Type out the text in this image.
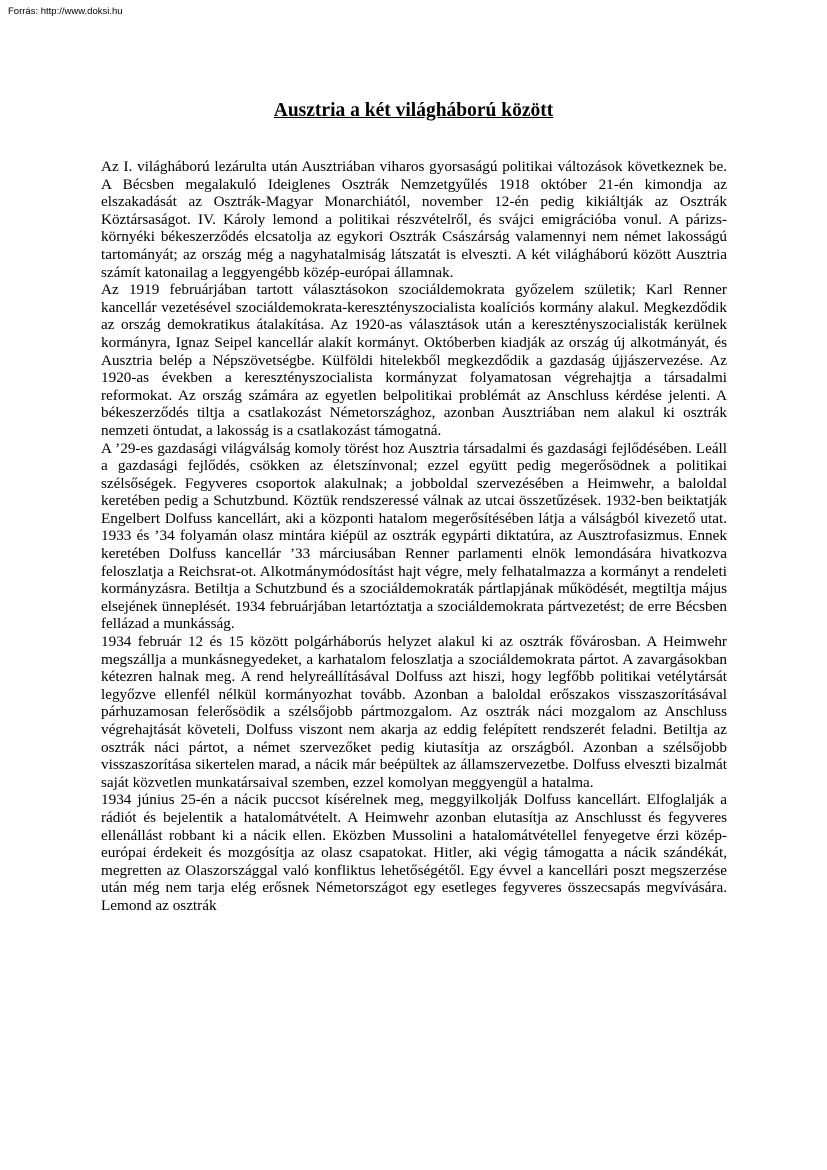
Forrás: http://www.doksi.hu
Ausztria a két világháború között

Az I. világháború lezárulta után Ausztriában viharos gyorsaságú politikai változások következnek be. A Bécsben megalakuló Ideiglenes Osztrák Nemzetgyűlés 1918 október 21-én kimondja az elszakadását az Osztrák-Magyar Monarchiától, november 12-én pedig kikiáltják az Osztrák Köztársaságot. IV. Károly lemond a politikai részvételről, és svájci emigrációba vonul. A párizs-környéki békeszerződés elcsatolja az egykori Osztrák Császárság valamennyi nem német lakosságú tartományát; az ország még a nagyhatalmiság látszatát is elveszti. A két világháború között Ausztria számít katonailag a leggyengébb közép-európai államnak.

Az 1919 februárjában tartott választásokon szociáldemokrata győzelem születik; Karl Renner kancellár vezetésével szociáldemokrata-keresztényszocialista koalíciós kormány alakul. Megkezdődik az ország demokratikus átalakítása. Az 1920-as választások után a keresztényszocialisták kerülnek kormányra, Ignaz Seipel kancellár alakít kormányt. Októberben kiadják az ország új alkotmányát, és Ausztria belép a Népszövetségbe. Külföldi hitelekből megkezdődik a gazdaság újjászervezése. Az 1920-as években a keresztényszocialista kormányzat folyamatosan végrehajtja a társadalmi reformokat. Az ország számára az egyetlen belpolitikai problémát az Anschluss kérdése jelenti. A békeszerződés tiltja a csatlakozást Németországhoz, azonban Ausztriában nem alakul ki osztrák nemzeti öntudat, a lakosság is a csatlakozást támogatná.

A ’29-es gazdasági világválság komoly törést hoz Ausztria társadalmi és gazdasági fejlődésében. Leáll a gazdasági fejlődés, csökken az életszínvonal; ezzel együtt pedig megerősödnek a politikai szélsőségek. Fegyveres csoportok alakulnak; a jobboldal szervezésében a Heimwehr, a baloldal keretében pedig a Schutzbund. Köztük rendszeressé válnak az utcai összetűzések. 1932-ben beiktatják Engelbert Dolfuss kancellárt, aki a központi hatalom megerősítésében látja a válságból kivezető utat. 1933 és ’34 folyamán olasz mintára kiépül az osztrák egypárti diktatúra, az Ausztrofasizmus. Ennek keretében Dolfuss kancellár ’33 márciusában Renner parlamenti elnök lemondására hivatkozva feloszlatja a Reichsrat-ot. Alkotmánymódosítást hajt végre, mely felhatalmazza a kormányt a rendeleti kormányzásra. Betiltja a Schutzbund és a szociáldemokraták pártlapjának működését, megtiltja május elsejének ünneplését. 1934 februárjában letartóztatja a szociáldemokrata pártvezetést; de erre Bécsben fellázad a munkásság.

1934 február 12 és 15 között polgárháborús helyzet alakul ki az osztrák fővárosban. A Heimwehr megszállja a munkásnegyedeket, a karhatalom feloszlatja a szociáldemokrata pártot. A zavargásokban kétezren halnak meg. A rend helyreállításával Dolfuss azt hiszi, hogy legfőbb politikai vetélytársát legyőzve ellenfél nélkül kormányozhat tovább. Azonban a baloldal erőszakos visszaszorításával párhuzamosan felerősödik a szélsőjobb pártmozgalom. Az osztrák náci mozgalom az Anschluss végrehajtását követeli, Dolfuss viszont nem akarja az eddig felépített rendszerét feladni. Betiltja az osztrák náci pártot, a német szervezőket pedig kiutasítja az országból. Azonban a szélsőjobb visszaszorítása sikertelen marad, a nácik már beépültek az államszervezetbe. Dolfuss elveszti bizalmát saját közvetlen munkatársaival szemben, ezzel komolyan meggyengül a hatalma.

1934 június 25-én a nácik puccsot kísérelnek meg, meggyilkolják Dolfuss kancellárt. Elfoglalják a rádiót és bejelentik a hatalomátvételt. A Heimwehr azonban elutasítja az Anschlusst és fegyveres ellenállást robbant ki a nácik ellen. Eközben Mussolini a hatalomátvétellel fenyegetve érzi közép-európai érdekeit és mozgósítja az olasz csapatokat. Hitler, aki végig támogatta a nácik szándékát, megretten az Olaszországgal való konfliktus lehetőségétől. Egy évvel a kancellári poszt megszerzése után még nem tarja elég erősnek Németországot egy esetleges fegyveres összecsapás megvívására. Lemond az osztrák
